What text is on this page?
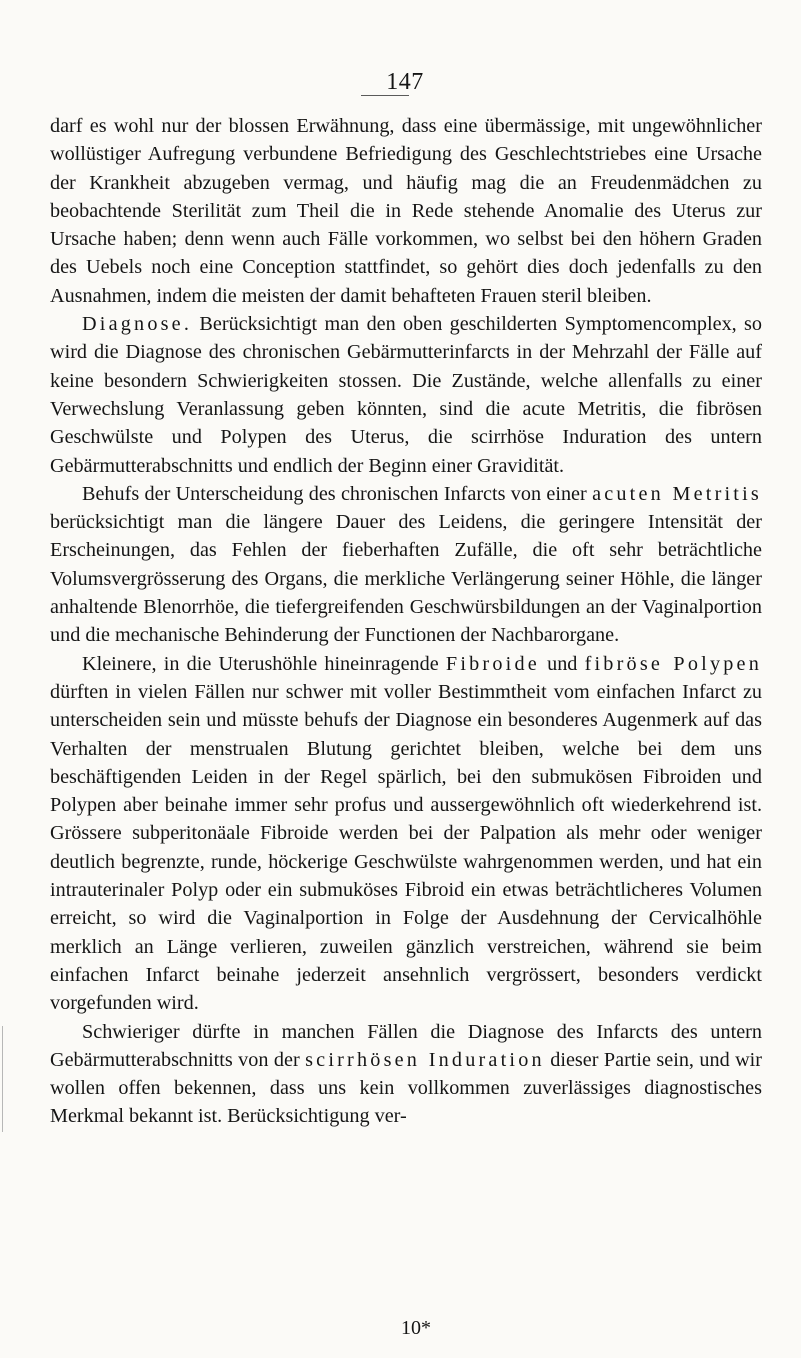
147

darf es wohl nur der blossen Erwähnung, dass eine übermässige, mit ungewöhnlicher wollüstiger Aufregung verbundene Befriedigung des Geschlechtstriebes eine Ursache der Krankheit abzugeben vermag, und häufig mag die an Freudenmädchen zu beobachtende Sterilität zum Theil die in Rede stehende Anomalie des Uterus zur Ursache haben; denn wenn auch Fälle vorkommen, wo selbst bei den höhern Graden des Uebels noch eine Conception stattfindet, so gehört dies doch jedenfalls zu den Ausnahmen, indem die meisten der damit behafteten Frauen steril bleiben.

Diagnose. Berücksichtigt man den oben geschilderten Symptomencomplex, so wird die Diagnose des chronischen Gebärmutterinfarcts in der Mehrzahl der Fälle auf keine besondern Schwierigkeiten stossen. Die Zustände, welche allenfalls zu einer Verwechslung Veranlassung geben könnten, sind die acute Metritis, die fibrösen Geschwülste und Polypen des Uterus, die scirrhöse Induration des untern Gebärmutterabschnitts und endlich der Beginn einer Gravidität.

Behufs der Unterscheidung des chronischen Infarcts von einer acuten Metritis berücksichtigt man die längere Dauer des Leidens, die geringere Intensität der Erscheinungen, das Fehlen der fieberhaften Zufälle, die oft sehr beträchtliche Volumsvergrösserung des Organs, die merkliche Verlängerung seiner Höhle, die länger anhaltende Blenorrhöe, die tiefergreifenden Geschwürsbildungen an der Vaginalportion und die mechanische Behinderung der Functionen der Nachbarorgane.

Kleinere, in die Uterushöhle hineinragende Fibroide und fibröse Polypen dürften in vielen Fällen nur schwer mit voller Bestimmtheit vom einfachen Infarct zu unterscheiden sein und müsste behufs der Diagnose ein besonderes Augenmerk auf das Verhalten der menstrualen Blutung gerichtet bleiben, welche bei dem uns beschäftigenden Leiden in der Regel spärlich, bei den submukösen Fibroiden und Polypen aber beinahe immer sehr profus und aussergewöhnlich oft wiederkehrend ist. Grössere subperitonäale Fibroide werden bei der Palpation als mehr oder weniger deutlich begrenzte, runde, höckerige Geschwülste wahrgenommen werden, und hat ein intrauterinaler Polyp oder ein submuköses Fibroid ein etwas beträchtlicheres Volumen erreicht, so wird die Vaginalportion in Folge der Ausdehnung der Cervicalhöhle merklich an Länge verlieren, zuweilen gänzlich verstreichen, während sie beim einfachen Infarct beinahe jederzeit ansehnlich vergrössert, besonders verdickt vorgefunden wird.

Schwieriger dürfte in manchen Fällen die Diagnose des Infarcts des untern Gebärmutterabschnitts von der scirrhösen Induration dieser Partie sein, und wir wollen offen bekennen, dass uns kein vollkommen zuverlässiges diagnostisches Merkmal bekannt ist. Berücksichtigung ver-

10*
